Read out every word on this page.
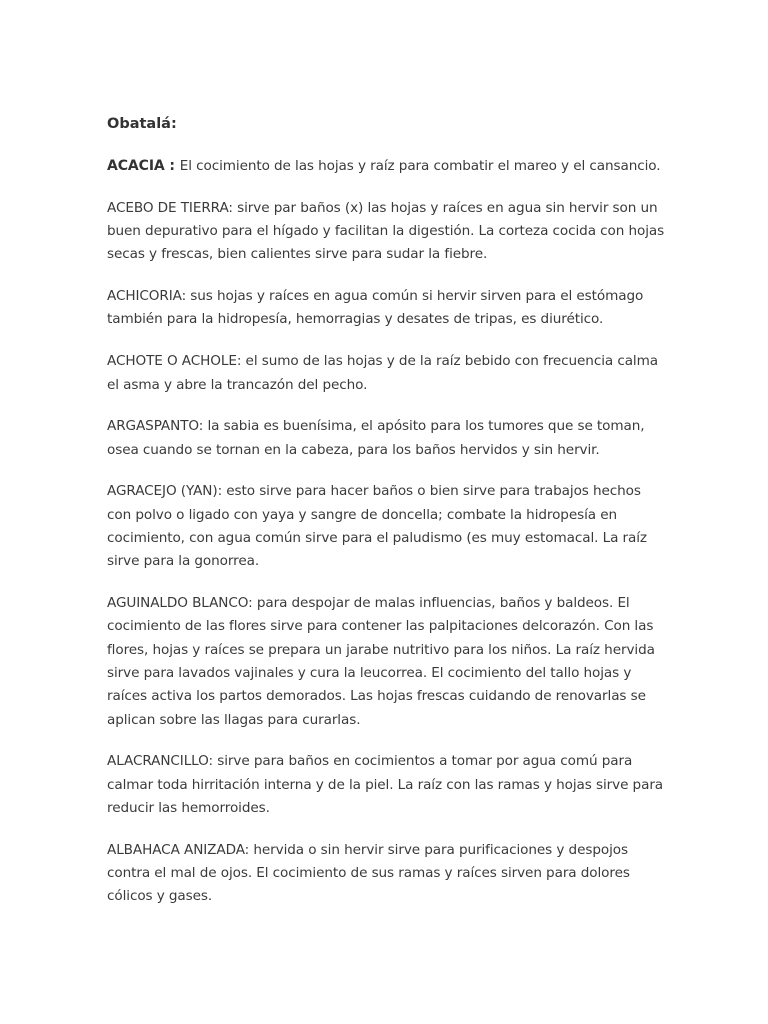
Obatalá:
ACACIA : El cocimiento de las hojas y raíz para combatir el mareo y el cansancio.
ACEBO DE TIERRA: sirve par baños (x) las hojas y raíces en agua sin hervir son un buen depurativo para el hígado y facilitan la digestión. La corteza cocida con hojas secas y frescas, bien calientes sirve para sudar la fiebre.
ACHICORIA: sus hojas y raíces en agua común si hervir sirven para el estómago también para la hidropesía, hemorragias y desates de tripas, es diurético.
ACHOTE O ACHOLE: el sumo de las hojas y de la raíz bebido con frecuencia calma el asma y abre la trancazón del pecho.
ARGASPANTO: la sabia es buenísima, el apósito para los tumores que se toman, osea cuando se tornan en la cabeza, para los baños hervidos y sin hervir.
AGRACEJO (YAN): esto sirve para hacer baños o bien sirve para trabajos hechos con polvo o ligado con yaya y sangre de doncella; combate la hidropesía en cocimiento, con agua común sirve para el paludismo (es muy estomacal. La raíz sirve para la gonorrea.
AGUINALDO BLANCO: para despojar de malas influencias, baños y baldeos. El cocimiento de las flores sirve para contener las palpitaciones delcorazón. Con las flores, hojas y raíces se prepara un jarabe nutritivo para los niños. La raíz hervida sirve para lavados vajinales y cura la leucorrea. El cocimiento del tallo hojas y raíces activa los partos demorados. Las hojas frescas cuidando de renovarlas se aplican sobre las llagas para curarlas.
ALACRANCILLO: sirve para baños en cocimientos a tomar por agua comú para calmar toda hirritación interna y de la piel. La raíz con las ramas y hojas sirve para reducir las hemorroides.
ALBAHACA ANIZADA: hervida o sin hervir sirve para purificaciones y despojos contra el mal de ojos. El cocimiento de sus ramas y raíces sirven para dolores cólicos y gases.
